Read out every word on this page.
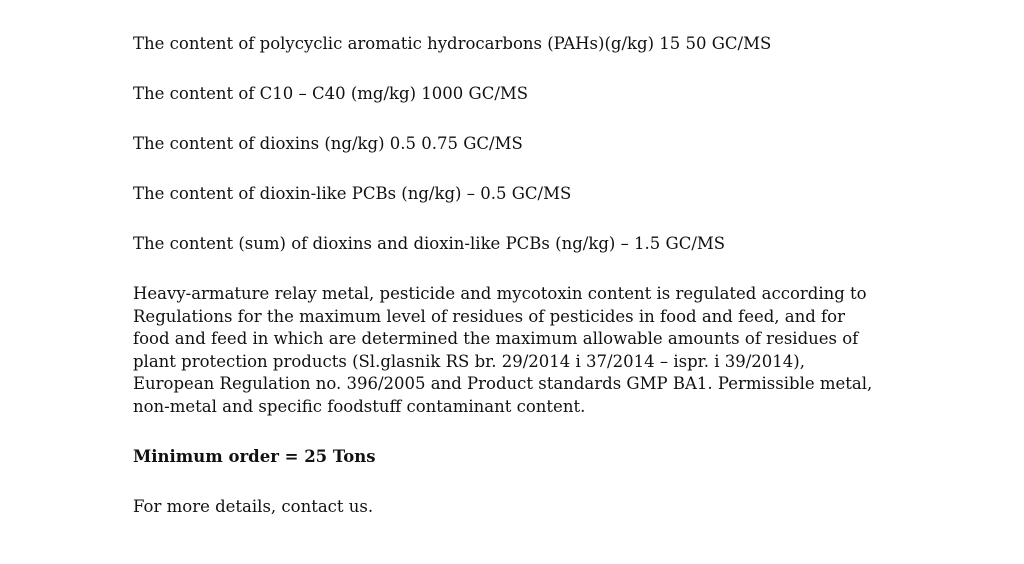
The content of polycyclic aromatic hydrocarbons (PAHs)(g/kg) 15 50 GC/MS

The content of C10 – C40 (mg/kg) 1000 GC/MS

The content of dioxins (ng/kg) 0.5 0.75 GC/MS

The content of dioxin-like PCBs (ng/kg) – 0.5 GC/MS

The content (sum) of dioxins and dioxin-like PCBs (ng/kg) – 1.5 GC/MS

Heavy-armature relay metal, pesticide and mycotoxin content is regulated according to Regulations for the maximum level of residues of pesticides in food and feed, and for food and feed in which are determined the maximum allowable amounts of residues of plant protection products (Sl.glasnik RS br. 29/2014 i 37/2014 – ispr. i 39/2014), European Regulation no. 396/2005 and Product standards GMP BA1. Permissible metal, non-metal and specific foodstuff contaminant content.

Minimum order = 25 Tons

For more details, contact us.
